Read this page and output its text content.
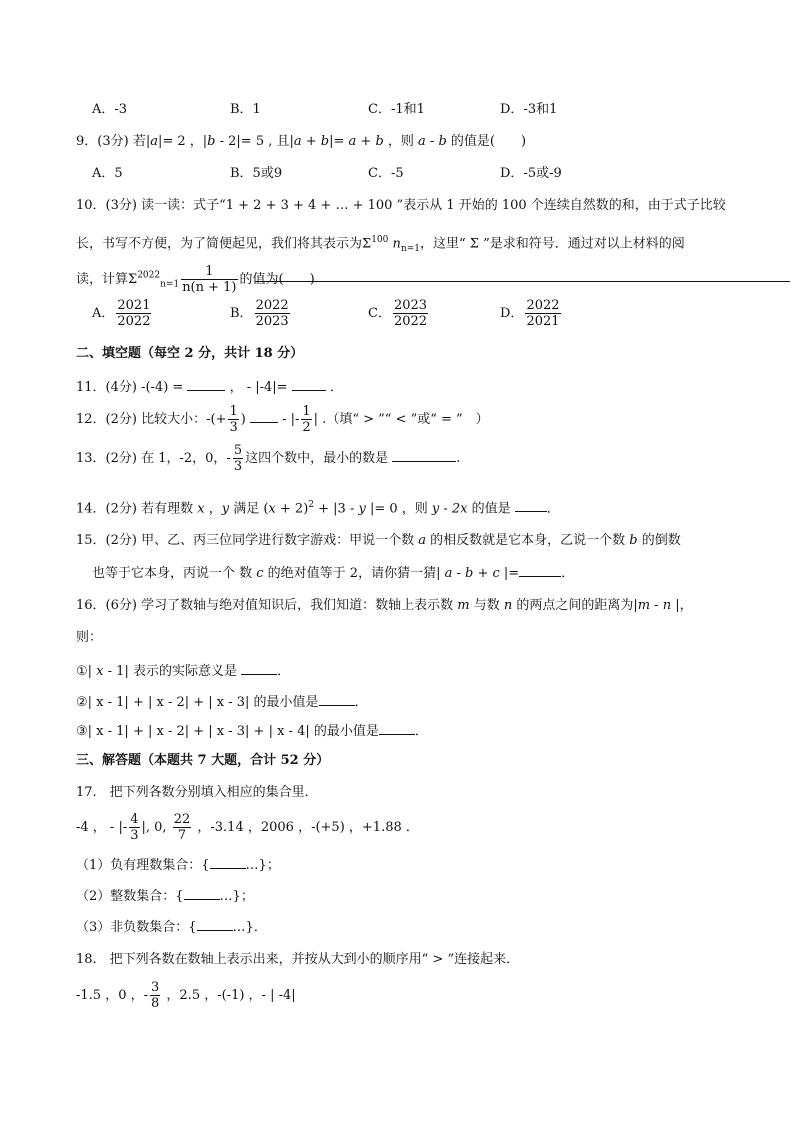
A．-3	B．1	C．-1和1	D．-3和1
9．(3分) 若|a|= 2 ，|b - 2|= 5 , 且|a + b|= a + b ，则 a - b 的值是(　　)
A．5	B．5或9	C．-5	D．-5或-9
10．(3分) 读一读：式子“1 + 2 + 3 + 4 + … + 100 ”表示从 1 开始的 100 个连续自然数的和，由于式子比较
长，书写不方便，为了简便起见，我们将其表示为$\Sigma^{100}$ $n_{n=1}$，这里“ Σ ”是求和符号．通过对以上材料的阅
读，计算$\Sigma^{2022}_{n=1} \frac{1}{n(n + 1)}$ 的值为(　　)
A． $\frac{2021}{2022}$	B． $\frac{2022}{2023}$	C． $\frac{2023}{2022}$	D． $\frac{2022}{2021}$
二、填空题（每空 2 分，共计 18 分）
11．(4分) -(-4) =	， - |-4|=	．
12．(2分) 比较大小：-(+ $\frac{1}{3}$ )  - |- $\frac{1}{2}$ | .（填“ > ”“ < ”或“ = ”　）
13．(2分) 在 1，-2，0，- $\frac{5}{3}$ 这四个数中，最小的数是	.
14．(2分) 若有理数 x ，y 满足 $(x + 2)^2 + |3 - y$ |= 0 ，则 y - 2x 的值是 ．
15．(2分) 甲、乙、丙三位同学进行数字游戏：甲说一个数 a 的相反数就是它本身，乙说一个数 b 的倒数
也等于它本身，丙说一个 数 c 的绝对值等于 2，请你猜一猜| a - b + c |=	．
16．(6分) 学习了数轴与绝对值知识后，我们知道：数轴上表示数 m 与数 n 的两点之间的距离为|m - n |，
则：
①| x - 1| 表示的实际意义是	．
②| x - 1| + | x - 2| + | x - 3| 的最小值是	．
③| x - 1| + | x - 2| + | x - 3| + | x - 4| 的最小值是	．
三、解答题（本题共 7 大题，合计 52 分）
17.　把下列各数分别填入相应的集合里．
-4 ， - |- $\frac{4}{3}$ |, 0, $\frac{22}{7}$ ，-3.14 ，2006 ，-(+5) ，+1.88 ．
（1）负有理数集合：{	…}；
（2）整数集合：{	…}；
（3）非负数集合：{	…}．
18.　把下列各数在数轴上表示出来，并按从大到小的顺序用“ > ”连接起来．
-1.5 ，0 ，- $\frac{3}{8}$ ，2.5 ，-(-1) ，- | -4|
